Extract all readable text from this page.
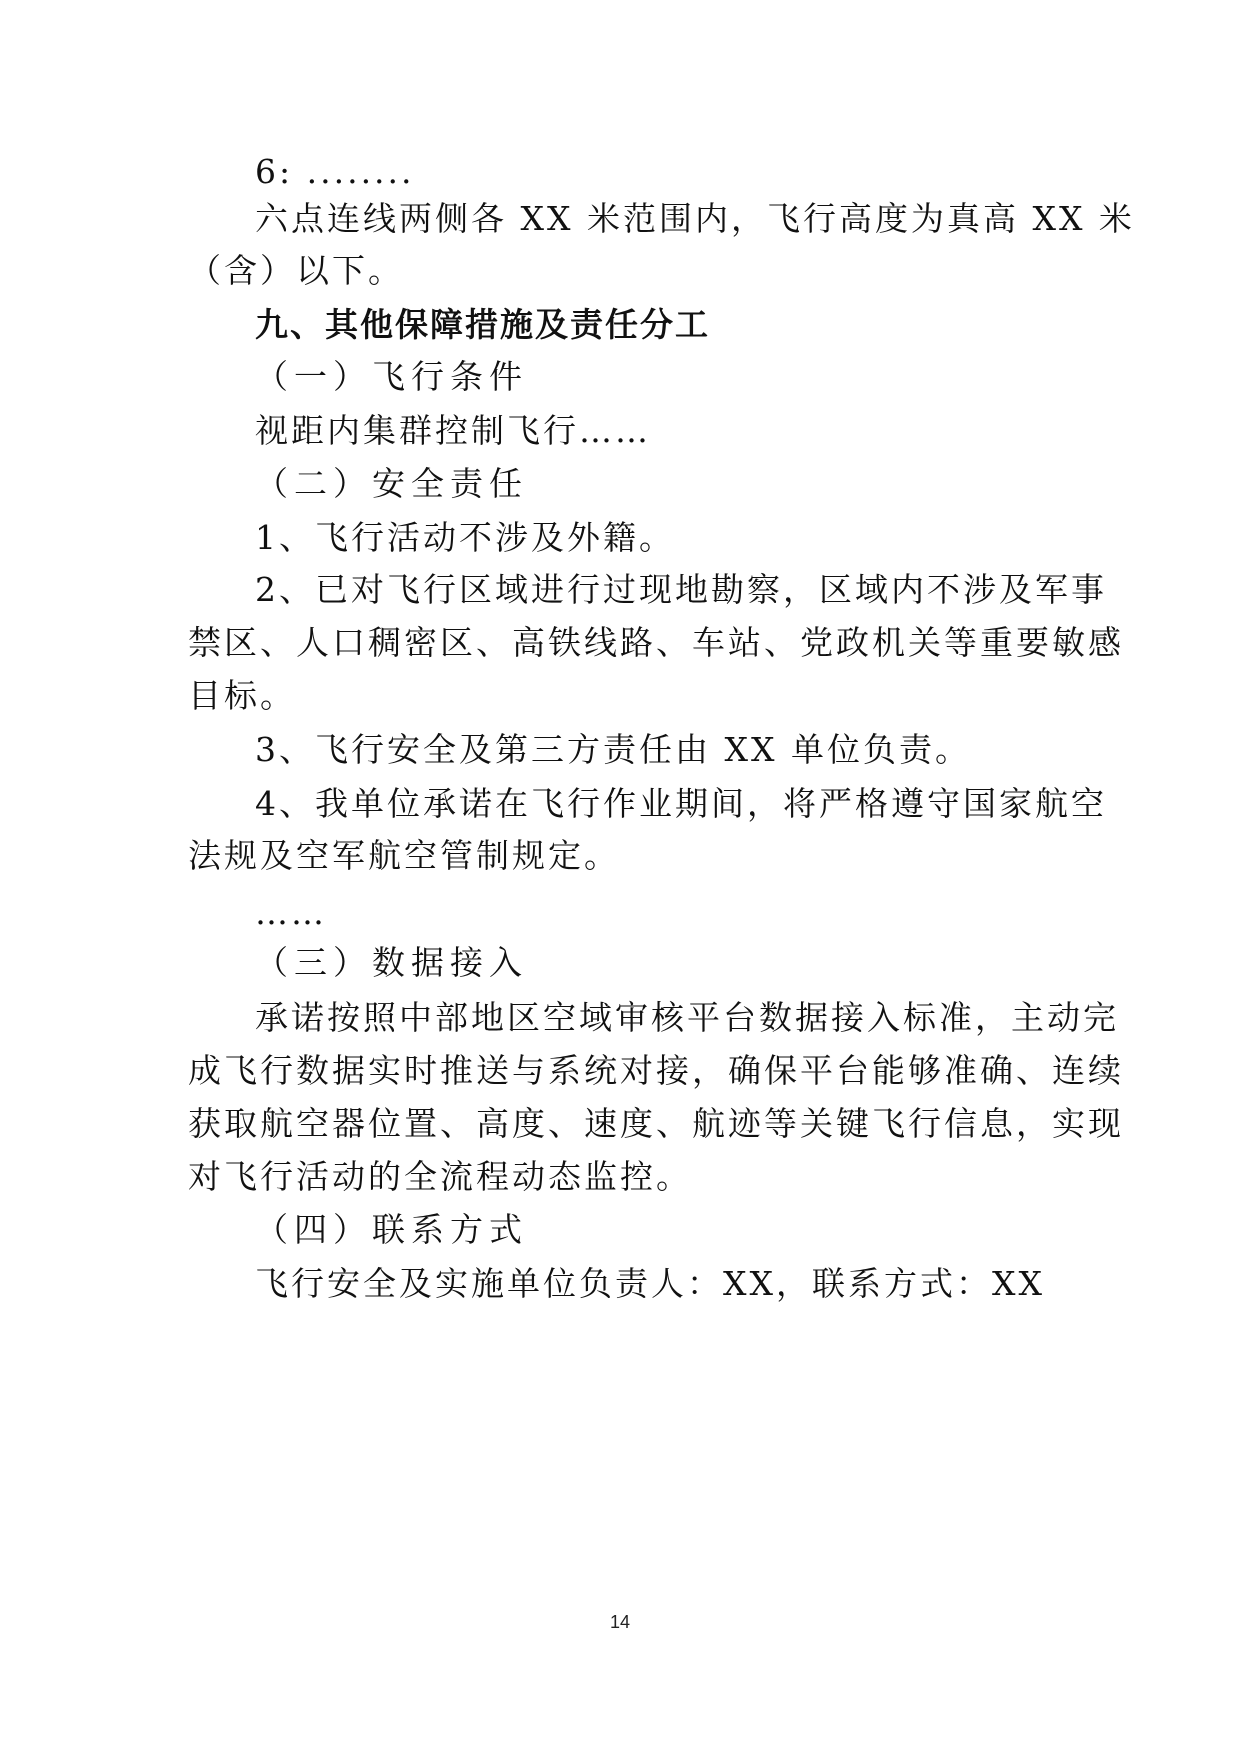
6: ........
六点连线两侧各 XX 米范围内，飞行高度为真高 XX 米
（含）以下。
九、其他保障措施及责任分工
（一）飞行条件
视距内集群控制飞行……
（二）安全责任
1、飞行活动不涉及外籍。
2、已对飞行区域进行过现地勘察，区域内不涉及军事
禁区、人口稠密区、高铁线路、车站、党政机关等重要敏感
目标。
3、飞行安全及第三方责任由 XX 单位负责。
4、我单位承诺在飞行作业期间，将严格遵守国家航空
法规及空军航空管制规定。
……
（三）数据接入
承诺按照中部地区空域审核平台数据接入标准，主动完
成飞行数据实时推送与系统对接，确保平台能够准确、连续
获取航空器位置、高度、速度、航迹等关键飞行信息，实现
对飞行活动的全流程动态监控。
（四）联系方式
飞行安全及实施单位负责人：XX，联系方式：XX
14
